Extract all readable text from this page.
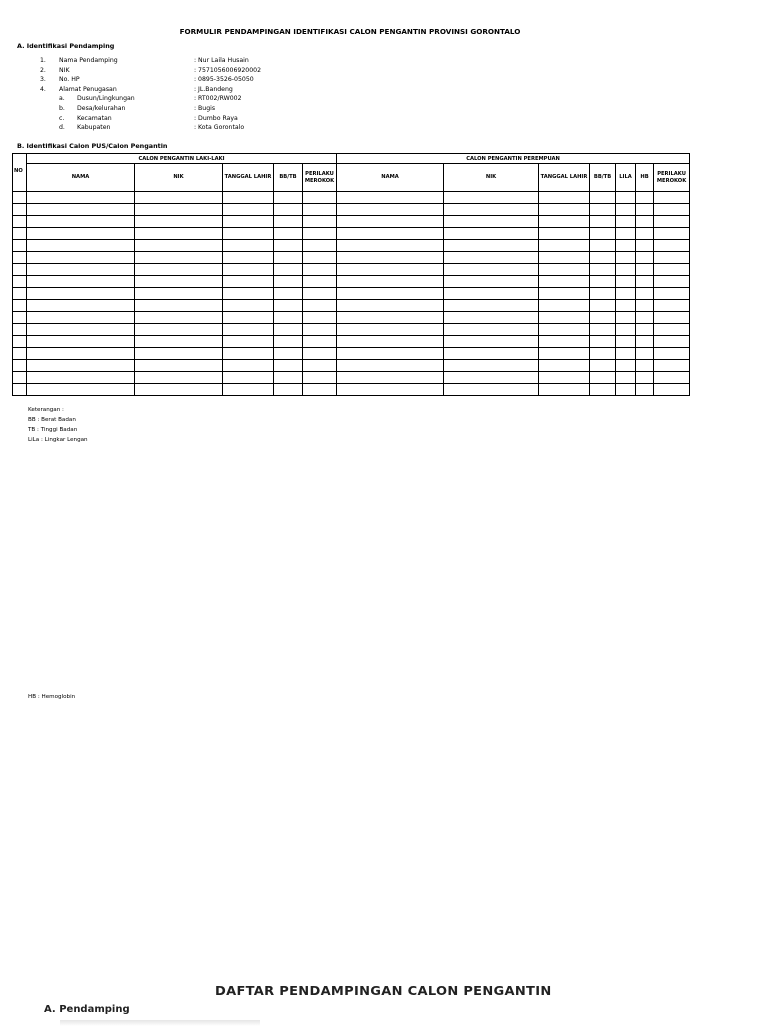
FORMULIR PENDAMPINGAN IDENTIFIKASI CALON PENGANTIN PROVINSI GORONTALO
A. Identifikasi Pendamping
1. Nama Pendamping	: Nur Laila Husain
2. NIK	: 7571056006920002
3. No. HP	: 0895-3526-05050
4. Alamat Penugasan	: JL.Bandeng
a. Dusun/Lingkungan	: RT002/RW002
b. Desa/kelurahan	: Bugis
c. Kecamatan	: Dumbo Raya
d. Kabupaten	: Kota Gorontalo
B. Identifikasi Calon PUS/Calon Pengantin
NO	CALON PENGANTIN LAKI-LAKI					CALON PENGANTIN PEREMPUAN						
	NAMA	NIK	TANGGAL LAHIR	BB/TB	PERILAKU MEROKOK	NAMA	NIK	TANGGAL LAHIR	BB/TB	LILA	HB	PERILAKU MEROKOK

Keterangan :
BB : Berat Badan
TB : Tinggi Badan
LiLa : Lingkar Lengan
HB : Hemoglobin
DAFTAR PENDAMPINGAN CALON PENGANTIN
A. Pendamping
